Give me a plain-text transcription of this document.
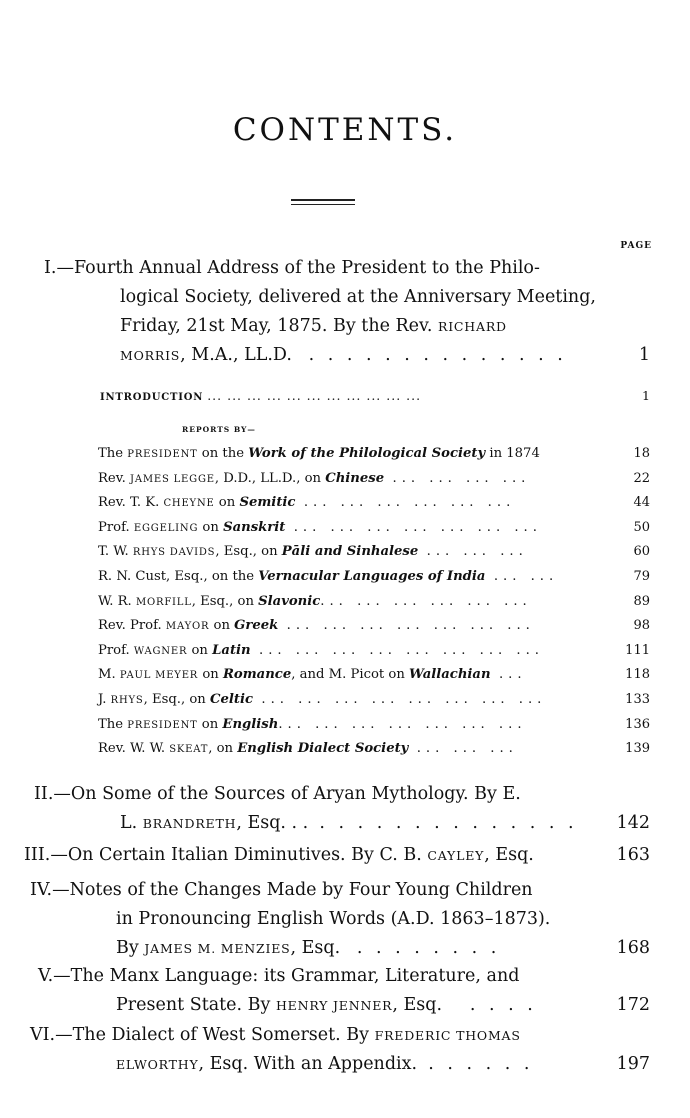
CONTENTS.
PAGE
I.—Fourth Annual Address of the President to the Philo-
logical Society, delivered at the Anniversary Meeting,
Friday, 21st May, 1875. By the Rev. RICHARD
MORRIS, M.A., LL.D. . . . . . . . . . . . . . .	1
INTRODUCTION ... ... ... ... ... ... ... ... ... ... ...	1
REPORTS BY—
The PRESIDENT on the Work of the Philological Society in 1874	18
Rev. JAMES LEGGE, D.D., LL.D., on Chinese ... ... ... ...	22
Rev. T. K. CHEYNE on Semitic ... ... ... ... ... ...	44
Prof. EGGELING on Sanskrit ... ... ... ... ... ... ...	50
T. W. RHYS DAVIDS, Esq., on Pāli and Sinhalese ... ... ...	60
R. N. Cust, Esq., on the Vernacular Languages of India ... ...	79
W. R. MORFILL, Esq., on Slavonic... ... ... ... ... ...	89
Rev. Prof. MAYOR on Greek ... ... ... ... ... ... ...	98
Prof. WAGNER on Latin ... ... ... ... ... ... ... ...	111
M. PAUL MEYER on Romance, and M. Picot on Wallachian ...	118
J. RHYS, Esq., on Celtic ... ... ... ... ... ... ... ...	133
The PRESIDENT on English... ... ... ... ... ... ...	136
Rev. W. W. SKEAT, on English Dialect Society ... ... ...	139
II.—On Some of the Sources of Aryan Mythology. By E.
L. BRANDRETH, Esq. . . . . . . . . . . . . . . . . 142
III.—On Certain Italian Diminutives. By C. B. CAYLEY, Esq.	163
IV.—Notes of the Changes Made by Four Young Children
in Pronouncing English Words (A.D. 1863–1873).
By JAMES M. MENZIES, Esq. . . . . . . . .	168
V.—The Manx Language: its Grammar, Literature, and
Present State. By HENRY JENNER, Esq. . . . .	172
VI.—The Dialect of West Somerset. By FREDERIC THOMAS
ELWORTHY, Esq. With an Appendix. . . . . . .	197
